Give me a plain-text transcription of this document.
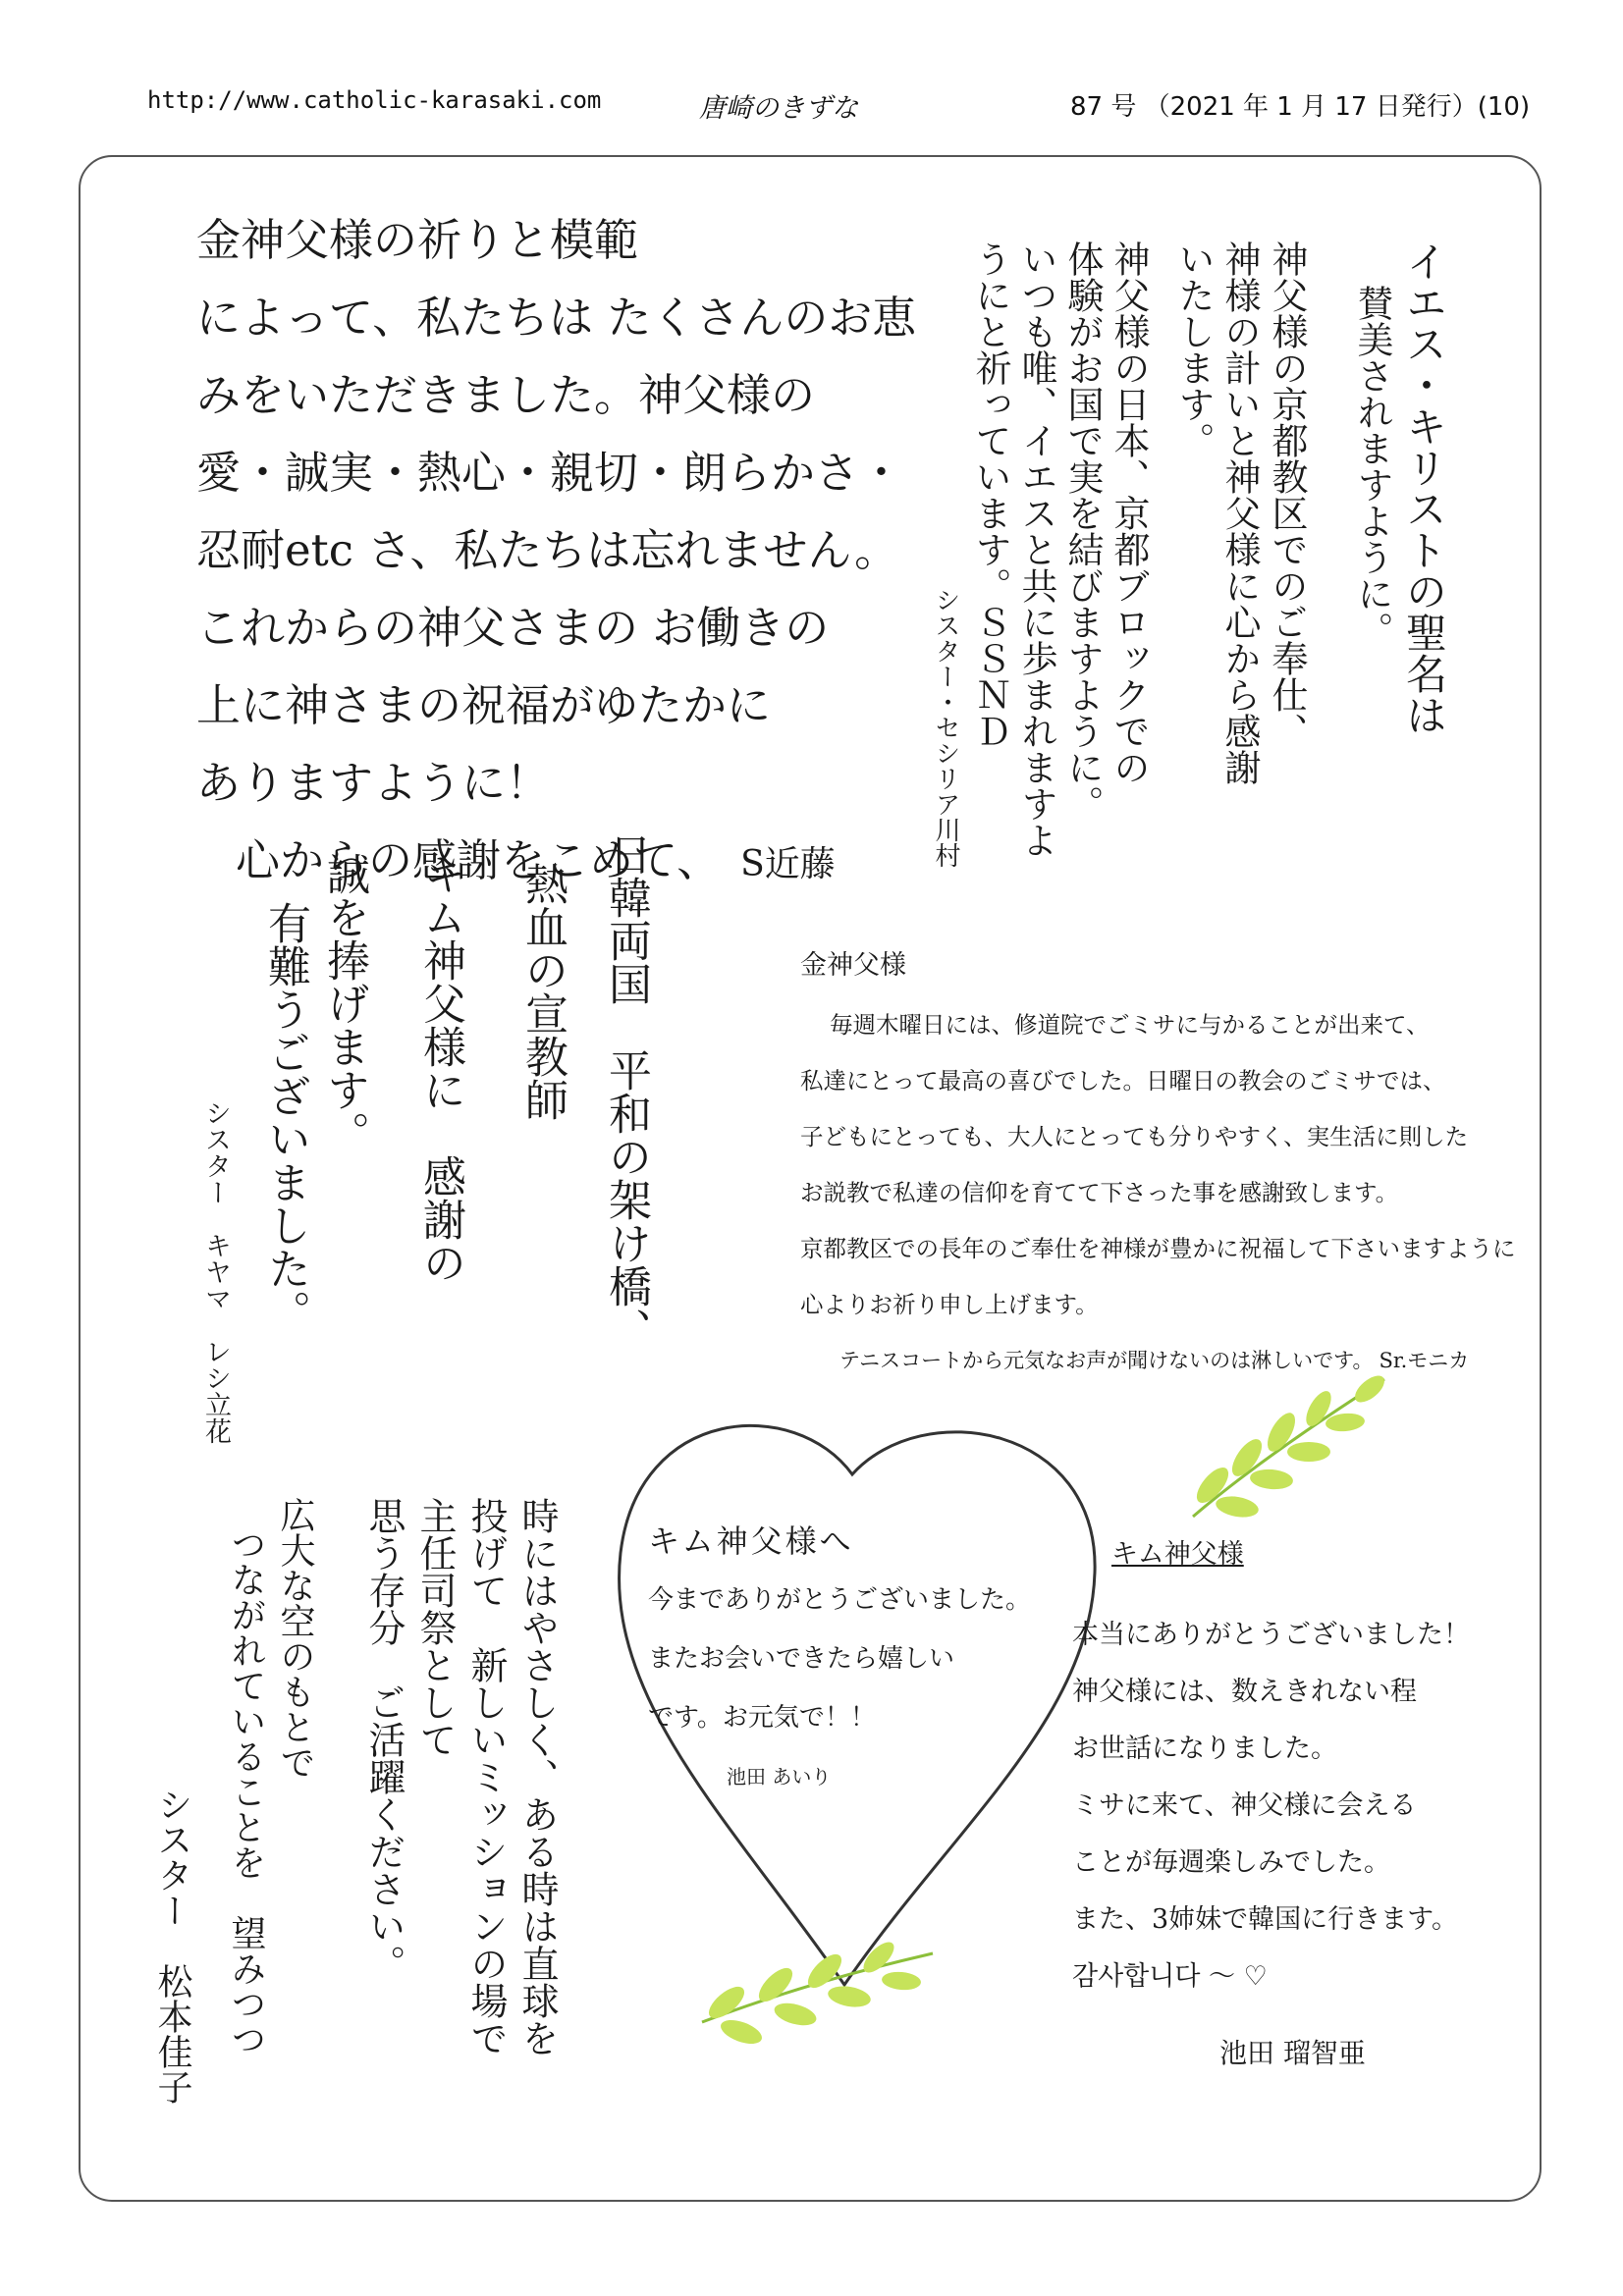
http://www.catholic-karasaki.com	唐崎のきずな	87 号 （2021 年 1 月 17 日発行）(10)
金神父様の祈りと模範
によって、私たちは たくさんのお恵
みをいただきました。神父様の
愛・誠実・熱心・親切・朗らかさ・
忍耐etc さ、私たちは忘れません。
これからの神父さまの お働きの
上に神さまの祝福がゆたかに
ありますように！
心からの感謝をこめて、 S近藤
イエス・キリストの聖名は
賛美されますように。
神父様の京都教区でのご奉仕、
神様の計いと神父様に心から感謝
いたします。
神父様の日本、京都ブロックでの
体験がお国で実を結びますように。
いつも唯、イエスと共に歩まれますよ
うにと祈っています。ＳＳＮＤ
シスター・セシリア川村
日韓両国　平和の架け橋、
熱血の宣教師
キム神父様に　感謝の
誠を捧げます。
有難うございました。
シスター　キヤマ　レシ立花
金神父様
毎週木曜日には、修道院でごミサに与かることが出来て、
私達にとって最高の喜びでした。日曜日の教会のごミサでは、
子どもにとっても、大人にとっても分りやすく、実生活に則した
お説教で私達の信仰を育てて下さった事を感謝致します。
京都教区での長年のご奉仕を神様が豊かに祝福して下さいますように
心よりお祈り申し上げます。
テニスコートから元気なお声が聞けないのは淋しいです。 Sr.モニカ
キム神父様へ
今までありがとうございました。
またお会いできたら嬉しい
です。お元気で！！
池田 あいり
時にはやさしく、ある時は直球を
投げて　新しいミッションの場で
主任司祭として
思う存分　ご活躍ください。
広大な空のもとで
つながれていることを　望みつつ
シスター　松本佳子
キム神父様
本当にありがとうございました！
神父様には、数えきれない程
お世話になりました。
ミサに来て、神父様に会える
ことが毎週楽しみでした。
また、3姉妹で韓国に行きます。
감사합니다 ～ ♡
池田 瑠智亜
